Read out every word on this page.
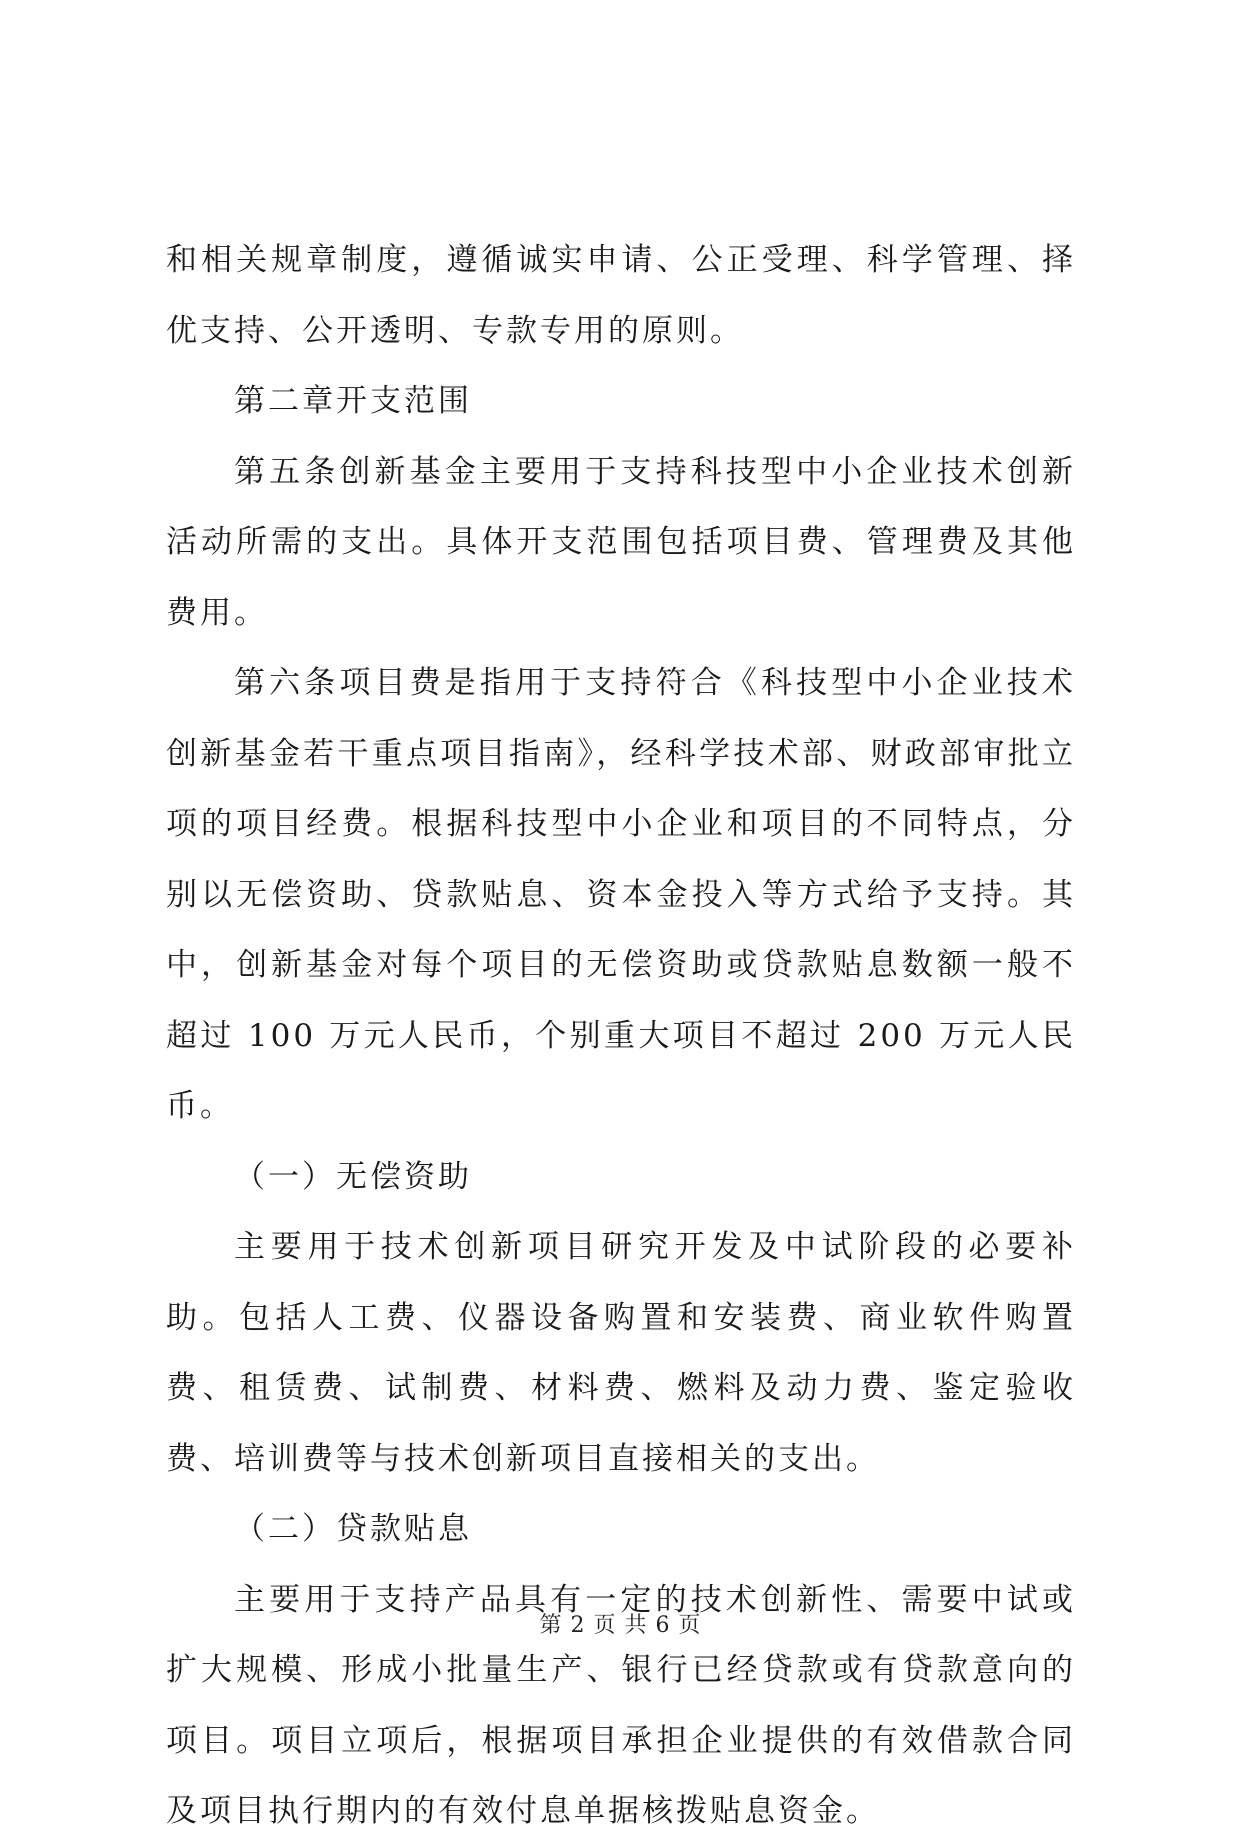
和相关规章制度，遵循诚实申请、公正受理、科学管理、择优支持、公开透明、专款专用的原则。

第二章开支范围

第五条创新基金主要用于支持科技型中小企业技术创新活动所需的支出。具体开支范围包括项目费、管理费及其他费用。

第六条项目费是指用于支持符合《科技型中小企业技术创新基金若干重点项目指南》，经科学技术部、财政部审批立项的项目经费。根据科技型中小企业和项目的不同特点，分别以无偿资助、贷款贴息、资本金投入等方式给予支持。其中，创新基金对每个项目的无偿资助或贷款贴息数额一般不超过 100 万元人民币，个别重大项目不超过 200 万元人民币。

（一）无偿资助

主要用于技术创新项目研究开发及中试阶段的必要补助。包括人工费、仪器设备购置和安装费、商业软件购置费、租赁费、试制费、材料费、燃料及动力费、鉴定验收费、培训费等与技术创新项目直接相关的支出。

（二）贷款贴息

主要用于支持产品具有一定的技术创新性、需要中试或扩大规模、形成小批量生产、银行已经贷款或有贷款意向的项目。项目立项后，根据项目承担企业提供的有效借款合同及项目执行期内的有效付息单据核拨贴息资金。

第 2 页 共 6 页
